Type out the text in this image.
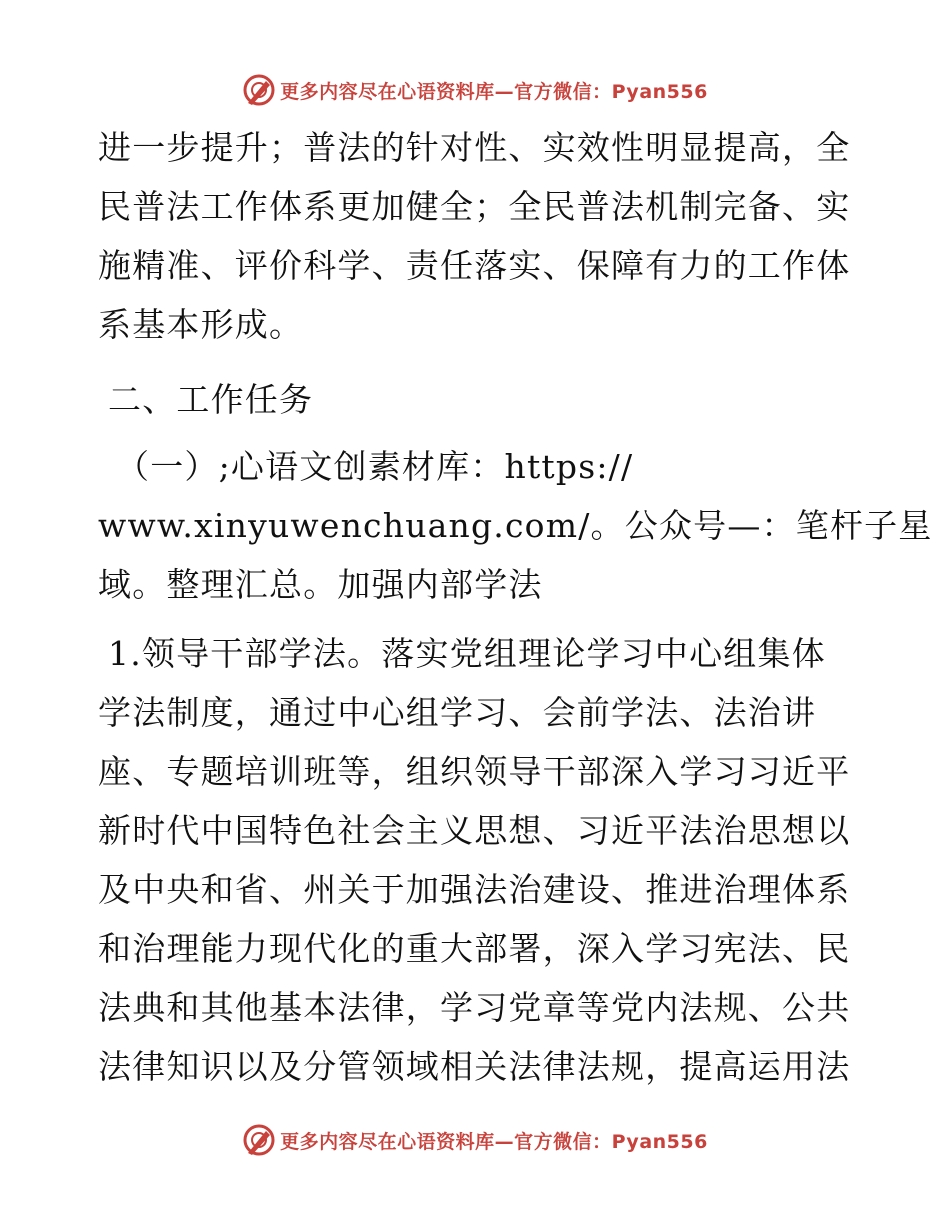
更多内容尽在心语资料库—官方微信：Pyan556
进一步提升；普法的针对性、实效性明显提高，全
民普法工作体系更加健全；全民普法机制完备、实
施精准、评价科学、责任落实、保障有力的工作体
系基本形成。
二、工作任务
（一）;心语文创素材库：https://
www.xinyuwenchuang.com/。公众号—：笔杆子星
域。整理汇总。加强内部学法
1.领导干部学法。落实党组理论学习中心组集体
学法制度，通过中心组学习、会前学法、法治讲
座、专题培训班等，组织领导干部深入学习习近平
新时代中国特色社会主义思想、习近平法治思想以
及中央和省、州关于加强法治建设、推进治理体系
和治理能力现代化的重大部署，深入学习宪法、民
法典和其他基本法律，学习党章等党内法规、公共
法律知识以及分管领域相关法律法规，提高运用法
更多内容尽在心语资料库—官方微信：Pyan556
